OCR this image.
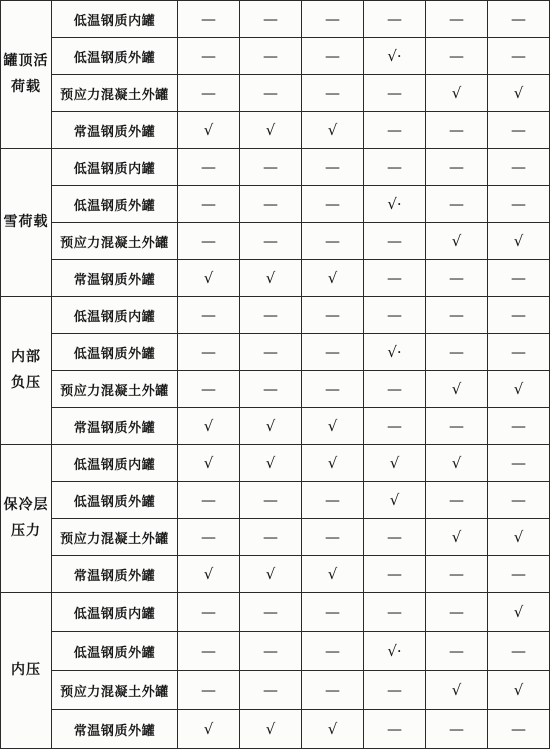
罐顶活
荷载
低温钢质内罐	—	—	—	—	—	—
低温钢质外罐	—	—	—	√·	—	—
预应力混凝土外罐	—	—	—	—	√	√
常温钢质外罐	√	√	√	—	—	—
雪荷载
低温钢质内罐	—	—	—	—	—	—
低温钢质外罐	—	—	—	√·	—	—
预应力混凝土外罐	—	—	—	—	√	√
常温钢质外罐	√	√	√	—	—	—
内部
负压
低温钢质内罐	—	—	—	—	—	—
低温钢质外罐	—	—	—	√·	—	—
预应力混凝土外罐	—	—	—	—	√	√
常温钢质外罐	√	√	√	—	—	—
保冷层
压力
低温钢质内罐	√	√	√	√	√	—
低温钢质外罐	—	—	—	√	—	—
预应力混凝土外罐	—	—	—	—	√	√
常温钢质外罐	√	√	√	—	—	—
内压
低温钢质内罐	—	—	—	—	—	√
低温钢质外罐	—	—	—	√·	—	—
预应力混凝土外罐	—	—	—	—	√	√
常温钢质外罐	√	√	√	—	—	—
